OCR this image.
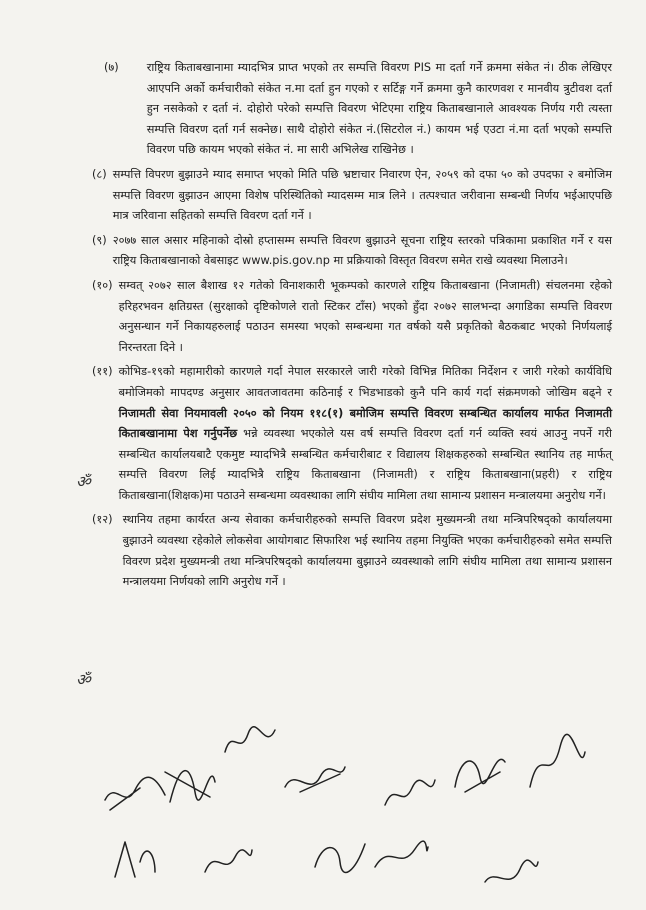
ॐ
ॐ
(७)	राष्ट्रिय किताबखानामा म्यादभित्र प्राप्त भएको तर सम्पत्ति विवरण PIS मा दर्ता गर्ने क्रममा संकेत नं। ठीक लेखिएर आएपनि अर्को कर्मचारीको संकेत न.मा दर्ता हुन गएको र सर्टिङ्ग गर्ने क्रममा कुनै कारणवश र मानवीय त्रुटीवश दर्ता हुन नसकेको र दर्ता नं. दोहोरो परेको सम्पत्ति विवरण भेटिएमा राष्ट्रिय किताबखानाले आवश्यक निर्णय गरी त्यस्ता सम्पत्ति विवरण दर्ता गर्न सक्नेछ। साथै दोहोरो संकेत नं.(सिटरोल नं.) कायम भई एउटा नं.मा दर्ता भएको सम्पत्ति विवरण पछि कायम भएको संकेत नं. मा सारी अभिलेख राखिनेछ ।
(८) सम्पत्ति विपरण बुझाउने म्याद समाप्त भएको मिति पछि भ्रष्टाचार निवारण ऐन, २०५९ को दफा ५० को उपदफा २ बमोजिम सम्पत्ति विवरण बुझाउन आएमा विशेष परिस्थितिको म्यादसम्म मात्र लिने । तत्पश्चात जरीवाना सम्बन्धी निर्णय भईआएपछि मात्र जरिवाना सहितको सम्पत्ति विवरण दर्ता गर्ने ।
(९) २०७७ साल असार महिनाको दोस्रो हप्तासम्म सम्पत्ति विवरण बुझाउने सूचना राष्ट्रिय स्तरको पत्रिकामा प्रकाशित गर्ने र यस राष्ट्रिय किताबखानाको वेबसाइट www.pis.gov.np मा प्रक्रियाको विस्तृत विवरण समेत राखे व्यवस्था मिलाउने।
(१०) सम्वत् २०७२ साल बैशाख १२ गतेको विनाशकारी भूकम्पको कारणले राष्ट्रिय किताबखाना (निजामती) संचलनमा रहेको हरिहरभवन क्षतिग्रस्त (सुरक्षाको दृष्टिकोणले रातो स्टिकर टाँस) भएको हुँदा २०७२ सालभन्दा अगाडिका सम्पत्ति विवरण अनुसन्धान गर्ने निकायहरुलाई पठाउन समस्या भएको सम्बन्धमा गत वर्षको यसै प्रकृतिको बैठकबाट भएको निर्णयलाई निरन्तरता दिने ।
(११) कोभिड-१९को महामारीको कारणले गर्दा नेपाल सरकारले जारी गरेको विभिन्न मितिका निर्देशन र जारी गरेको कार्यविधि बमोजिमको मापदण्ड अनुसार आवतजावतमा कठिनाई र भिडभाडको कुनै पनि कार्य गर्दा संक्रमणको जोखिम बढ्ने र निजामती सेवा नियमावली २०५० को नियम ११८(१) बमोजिम सम्पत्ति विवरण सम्बन्धित कार्यालय मार्फत निजामती किताबखानामा पेश गर्नुपर्नेछ भन्ने व्यवस्था भएकोले यस वर्ष सम्पत्ति विवरण दर्ता गर्न व्यक्ति स्वयं आउनु नपर्ने गरी सम्बन्धित कार्यालयबाटै एकमुष्ट म्यादभित्रै सम्बन्धित कर्मचारीबाट र विद्यालय शिक्षकहरुको सम्बन्धित स्थानिय तह मार्फत् सम्पत्ति विवरण लिई म्यादभित्रै राष्ट्रिय किताबखाना (निजामती) र राष्ट्रिय किताबखाना(प्रहरी) र राष्ट्रिय किताबखाना(शिक्षक)मा पठाउने सम्बन्धमा व्यवस्थाका लागि संघीय मामिला तथा सामान्य प्रशासन मन्त्रालयमा अनुरोध गर्ने।
(१२) स्थानिय तहमा कार्यरत अन्य सेवाका कर्मचारीहरुको सम्पत्ति विवरण प्रदेश मुख्यमन्त्री तथा मन्त्रिपरिषद्को कार्यालयमा बुझाउने व्यवस्था रहेकोले लोकसेवा आयोगबाट सिफारिश भई स्थानिय तहमा नियुक्ति भएका कर्मचारीहरुको समेत सम्पत्ति विवरण प्रदेश मुख्यमन्त्री तथा मन्त्रिपरिषद्को कार्यालयमा बुझाउने व्यवस्थाको लागि संघीय मामिला तथा सामान्य प्रशासन मन्त्रालयमा निर्णयको लागि अनुरोध गर्ने ।
